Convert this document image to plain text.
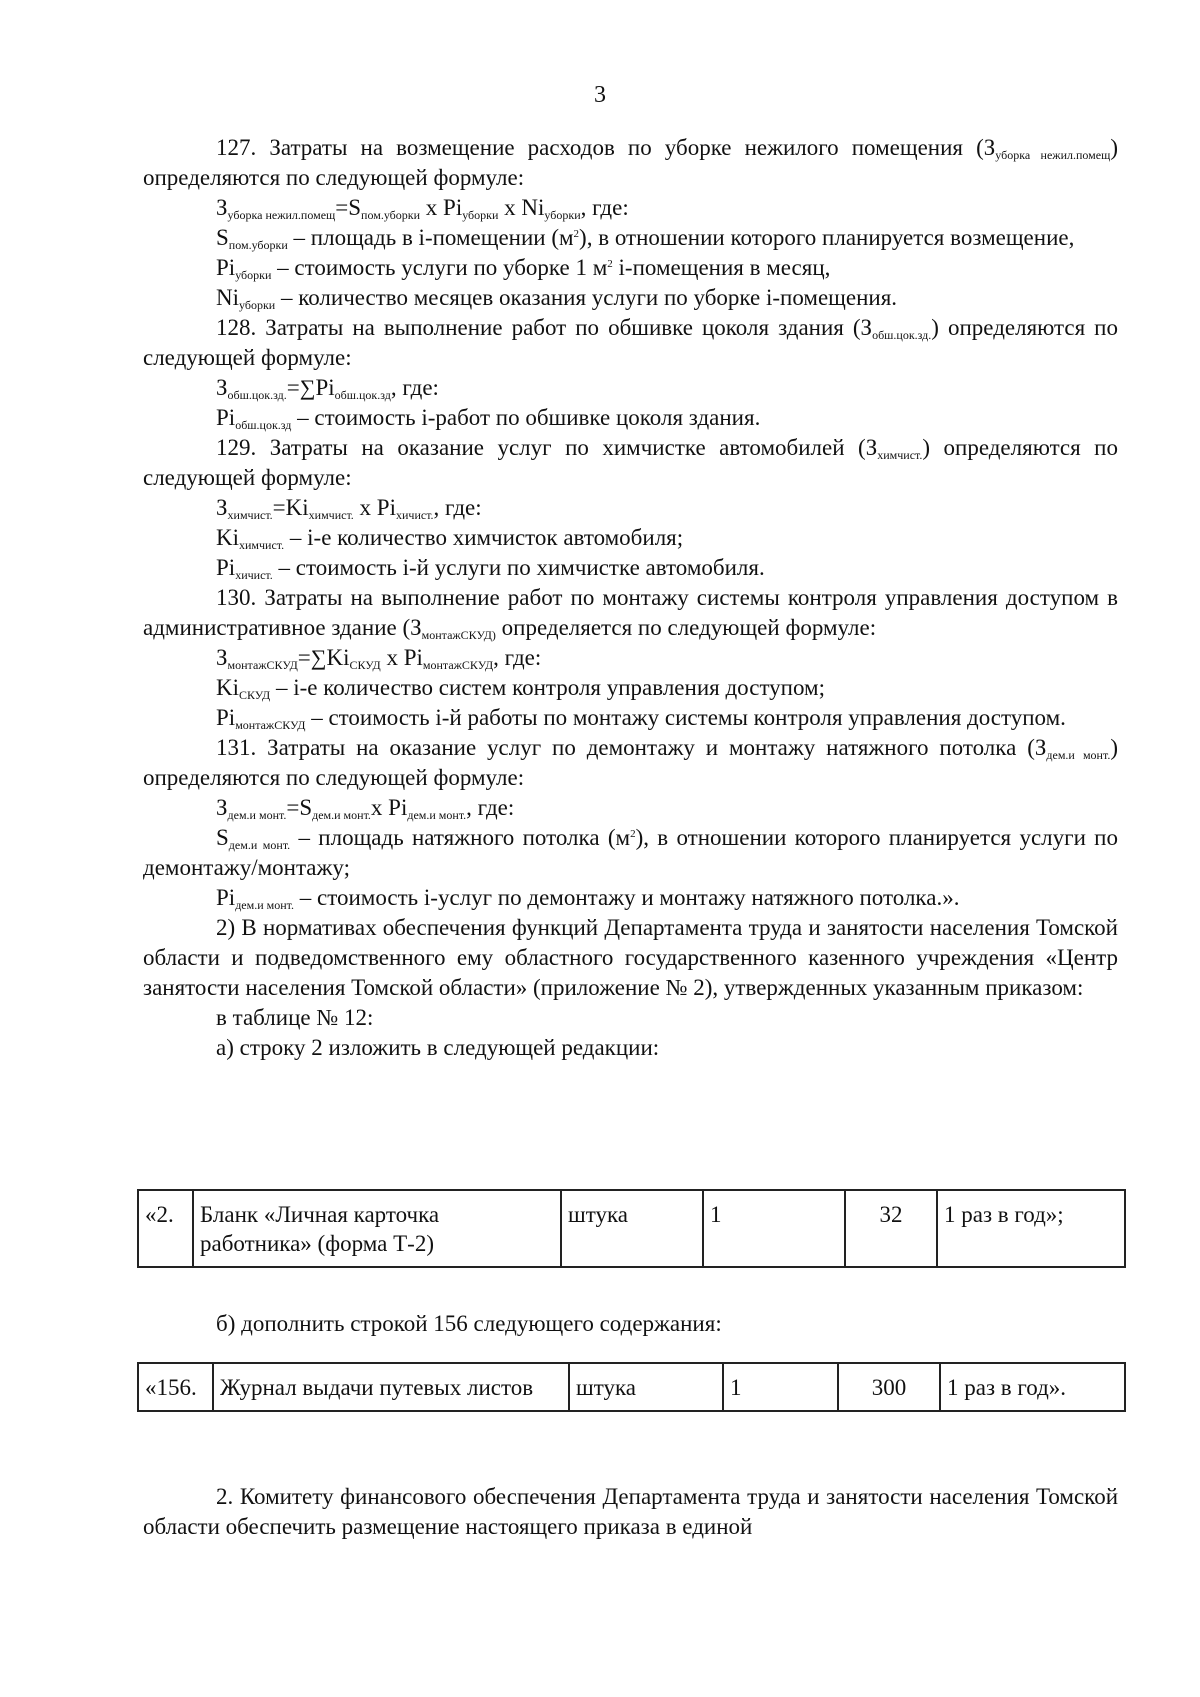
3

127. Затраты на возмещение расходов по уборке нежилого помещения $(З_{уборка нежил.помещ})$ определяются по следующей формуле:

$З_{уборка нежил.помещ}=S_{пом.уборки}$ x $Pi_{уборки}$ x $Ni_{уборки}$, где:

$S_{пом.уборки}$ – площадь в i-помещении $(м^2)$, в отношении которого планируется возмещение,

$Pi_{уборки}$ – стоимость услуги по уборке 1 $м^2$ i-помещения в месяц,

$Ni_{уборки}$ – количество месяцев оказания услуги по уборке i-помещения.

128. Затраты на выполнение работ по обшивке цоколя здания $(З_{обш.цок.зд.})$ определяются по следующей формуле:

$З_{обш.цок.зд.}=\sum Pi_{обш.цок.зд}$, где:

$Pi_{обш.цок.зд}$ – стоимость i-работ по обшивке цоколя здания.

129. Затраты на оказание услуг по химчистке автомобилей $(З_{химчист.})$ определяются по следующей формуле:

$З_{химчист.}=Ki_{химчист.}$ x $Pi_{хичист.}$, где:

$Ki_{химчист.} - i-е$ количество химчисток автомобиля;

$Pi_{хичист.}$ – стоимость i-й услуги по химчистке автомобиля.

130. Затраты на выполнение работ по монтажу системы контроля управления доступом в административное здание ($З_{монтажСКУД)}$ определяется по следующей формуле:

$З_{монтажСКУД}=\sum Ki_{СКУД}$ x $Pi_{монтажСКУД}$, где:

$Ki_{СКУД} - i-е$ количество систем контроля управления доступом;

$Pi_{монтажСКУД}$ – стоимость i-й работы по монтажу системы контроля управления доступом.

131. Затраты на оказание услуг по демонтажу и монтажу натяжного потолка $(З_{дем.и монт.})$ определяются по следующей формуле:

$З_{дем.и монт.}=S_{дем.и монт.}x$ $Pi_{дем.и монт.}$, где:

$S_{дем.и монт.}$ – площадь натяжного потолка $(м^2)$, в отношении которого планируется услуги по демонтажу/монтажу;

$Pi_{дем.и монт.}$ – стоимость i-услуг по демонтажу и монтажу натяжного потолка.».

2) В нормативах обеспечения функций Департамента труда и занятости населения Томской области и подведомственного ему областного государственного казенного учреждения «Центр занятости населения Томской области» (приложение № 2), утвержденных указанным приказом:

в таблице № 12:

а) строку 2 изложить в следующей редакции:

«2.	Бланк «Личная карточка работника» (форма Т-2)	штука	1	32	1 раз в год»;

б) дополнить строкой 156 следующего содержания:

«156.	Журнал выдачи путевых листов	штука	1	300	1 раз в год».

2. Комитету финансового обеспечения Департамента труда и занятости населения Томской области обеспечить размещение настоящего приказа в единой
